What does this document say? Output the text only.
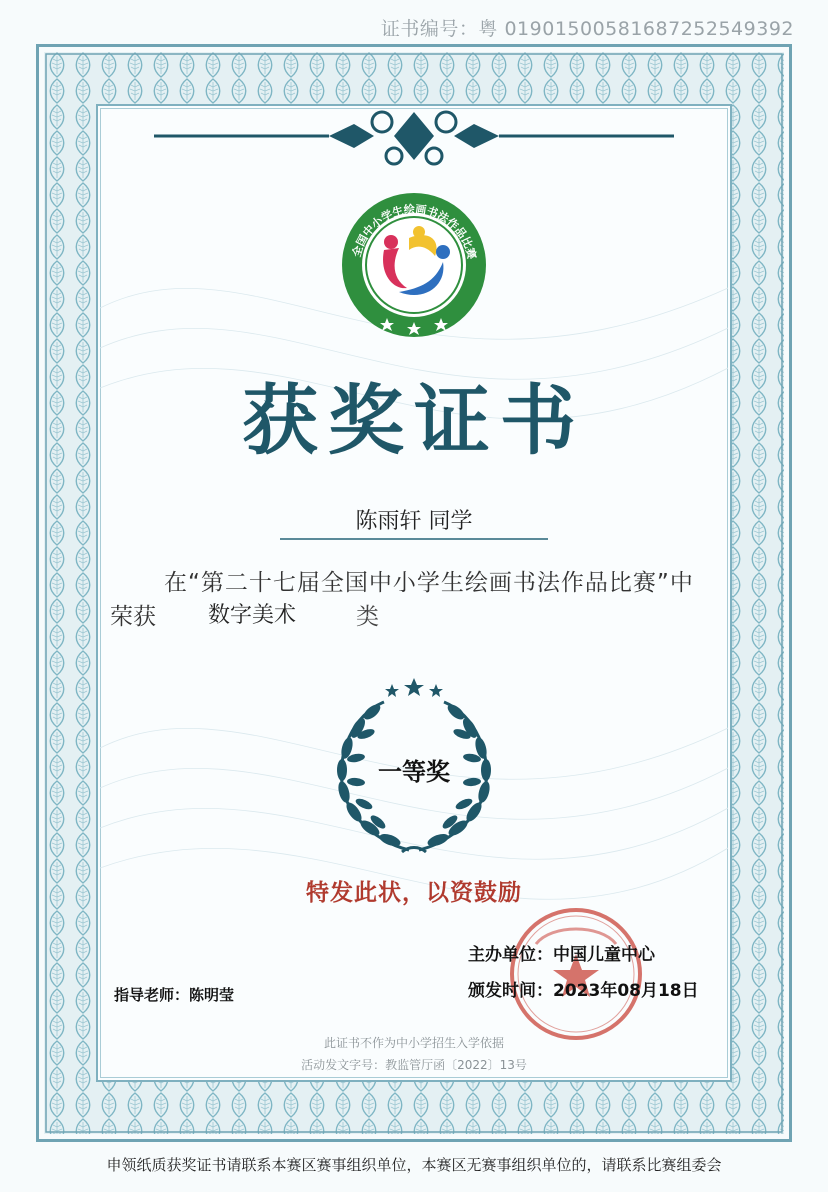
证书编号：粤 01901500581687252549392
全国中小学生绘画书法作品比赛
获奖证书
陈雨轩 同学
在“第二十七届全国中小学生绘画书法作品比赛”中
荣获 数字美术	类
一等奖
特发此状，以资鼓励
主办单位：中国儿童中心
颁发时间：2023年08月18日
指导老师：陈明莹
此证书不作为中小学招生入学依据
活动发文字号：教监管厅函〔2022〕13号
申领纸质获奖证书请联系本赛区赛事组织单位，本赛区无赛事组织单位的，请联系比赛组委会
